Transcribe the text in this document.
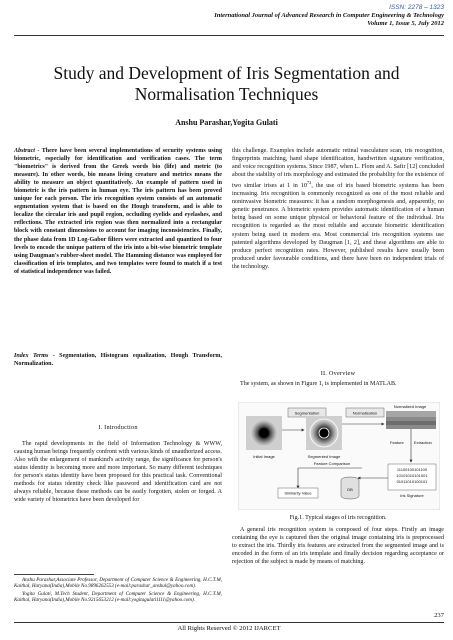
ISSN: 2278 – 1323
International Journal of Advanced Research in Computer Engineering & Technology
Volume 1, Issue 5, July 2012
Study and Development of Iris Segmentation and
Normalisation Techniques
Anshu Parashar,Yogita Gulati

Abstract - There have been several implementations of security systems using biometric, especially for identification and verification cases. The term "biometrics" is derived from the Greek words bio (life) and metric (to measure). In other words, bio means living creature and metrics means the ability to measure an object quantitatively. An example of pattern used in biometric is the iris pattern in human eye. The iris pattern has been proved unique for each person. The iris recognition system consists of an automatic segmentation system that is based on the Hough transform, and is able to localize the circular iris and pupil region, occluding eyelids and eyelashes, and reflections. The extracted iris region was then normalized into a rectangular block with constant dimensions to account for imaging inconsistencies. Finally, the phase data from 1D Log-Gabor filters were extracted and quantized to four levels to encode the unique pattern of the iris into a bit-wise biometric template using Daugman's rubber-sheet model. The Hamming distance was employed for classification of iris templates, and two templates were found to match if a test of statistical independence was failed.

Index Terms - Segmentation, Histogram equalization, Hough Transform, Normalization.

I. Introduction

The rapid developments in the field of Information Technology & WWW, causing human beings frequently confront with various kinds of unauthorized access. Also with the enlargement of mankind's activity range, the significance for person's status identity is becoming more and more important. So many different techniques for person's status identity have been proposed for this practical task. Conventional methods for status identity check like password and identification card are not always reliable, because these methods can be easily forgotten, stolen or forged. A wide variety of biometrics have been developed for

Anshu Parashar,Associate Professor, Department of Computer Science & Engineering, H.C.T.M, Kaithal, Haryana(India),Mobile No.9896262553 (e-mail:parashar_anshul@yahoo.com).

Yogita Gulati, M.Tech Student, Department of Computer Science & Engineering, H.C.T.M, Kaithal, Haryana(India),Mobile No.9215653212 (e-mail:yogitagulati1111@yahoo.com).

this challenge. Examples include automatic retinal vasculature scan, iris recognition, fingerprints matching, hand shape identification, handwritten signature verification, and voice recognition systems. Since 1987, when L. Flom and A. Safir [12] concluded about the stability of iris morphology and estimated the probability for the existence of two similar irises at 1 in $10^{72}$, the use of iris based biometric systems has been increasing. Iris recognition is commonly recognized as one of the most reliable and noninvasive biometric measures: it has a random morphogenesis and, apparently, no genetic penetrance. A biometric system provides automatic identification of a human being based on some unique physical or behavioral feature of the individual. Iris recognition is regarded as the most reliable and accurate biometric identification system being used in modern era. Most commercial iris recognition systems use patented algorithms developed by Daugman [1, 2], and these algorithms are able to produce perfect recognition rates. However, published results have usually been produced under favourable conditions, and there have been no independent trials of the technology.

II. Overview

The system, as shown in Figure 1, is implemented in MATLAB.

Initial Image
Segmentation
Segmented Image
Normalisation
Normalized Image
Feature	Extraction
Feature Comparison
DB
Similarity Value
11100100101100
10101010101001
01011010100101
Iris Signature
Fig.1. Typical stages of iris recognition.

A general iris recognition system is composed of four steps. Firstly an image containing the eye is captured then the original image containing iris is preprocessed to extract the iris. Thirdly iris features are extracted from the segmented image and is encoded in the form of an iris template and finally decision regarding acceptance or rejection of the subject is made by means of matching.

237
All Rights Reserved © 2012 IJARCET
